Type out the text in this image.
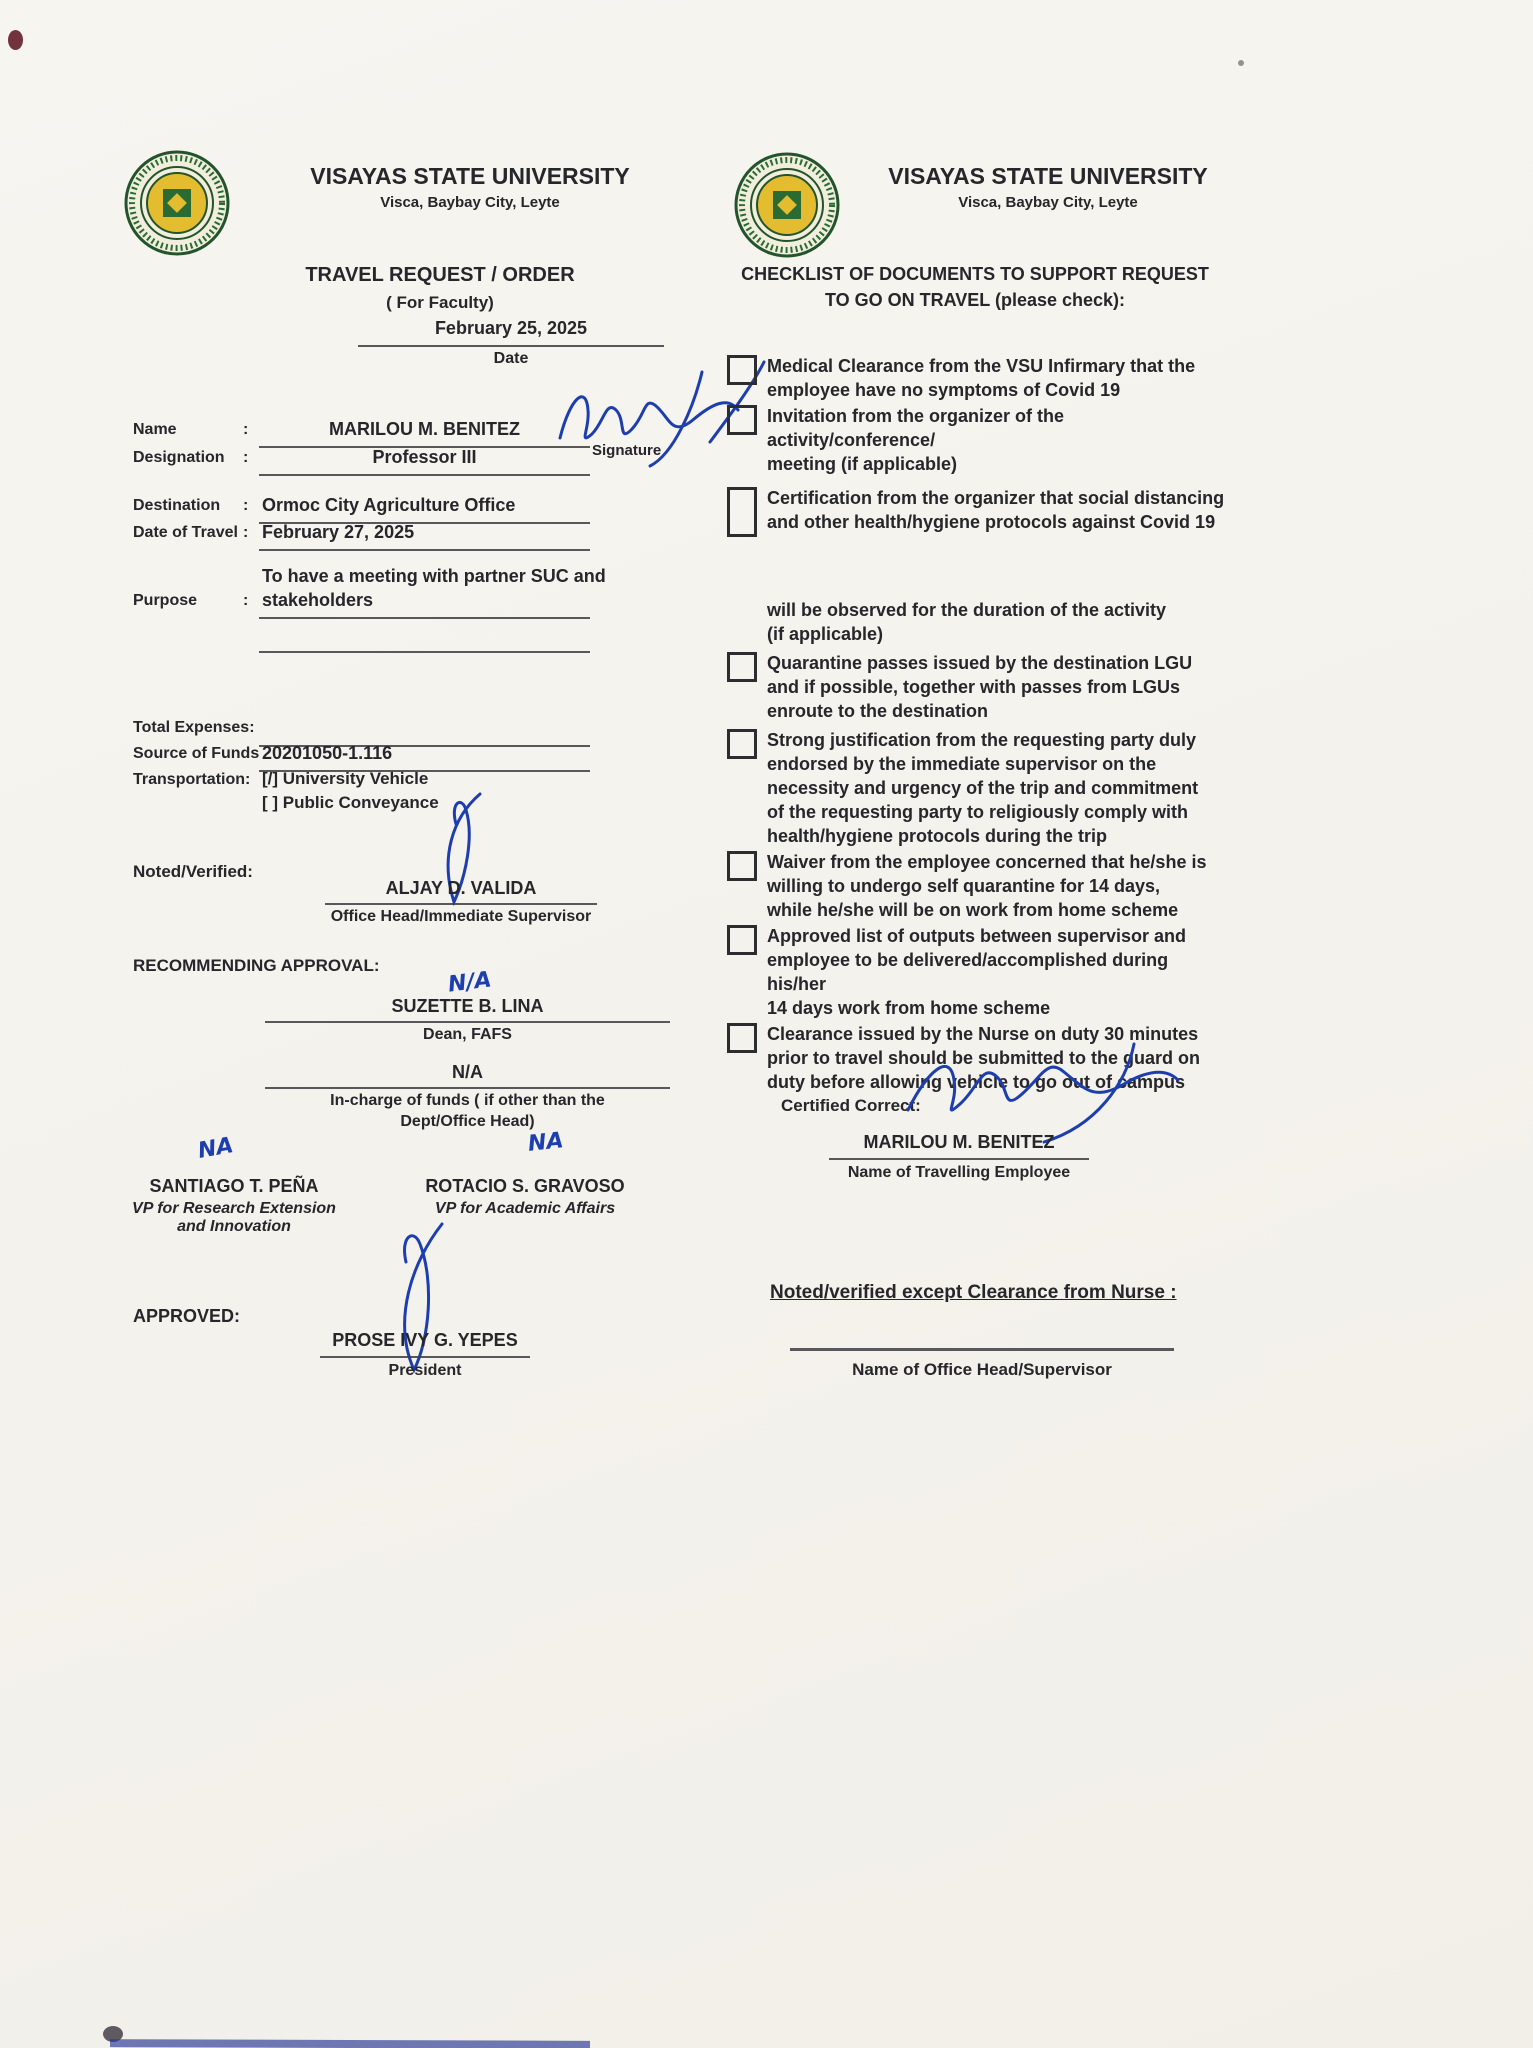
VISAYAS STATE UNIVERSITY
Visca, Baybay City, Leyte
TRAVEL REQUEST / ORDER
( For Faculty)
February 25, 2025
Date
Name	:	MARILOU M. BENITEZ
Designation :	Professor III	Signature
Destination : Ormoc City Agriculture Office
Date of Travel : February 27, 2025
To have a meeting with partner SUC and
Purpose	: stakeholders
Total Expenses:
Source of Funds 20201050-1.116
Transportation: [/] University Vehicle
[ ] Public Conveyance
Noted/Verified:
ALJAY D. VALIDA
Office Head/Immediate Supervisor
RECOMMENDING APPROVAL:
N/A
SUZETTE B. LINA
Dean, FAFS
N/A
In-charge of funds ( if other than the
Dept/Office Head)
NA	NA
SANTIAGO T. PEÑA
VP for Research Extension
and Innovation
ROTACIO S. GRAVOSO
VP for Academic Affairs
APPROVED:
PROSE IVY G. YEPES
President
VISAYAS STATE UNIVERSITY
Visca, Baybay City, Leyte
CHECKLIST OF DOCUMENTS TO SUPPORT REQUEST
TO GO ON TRAVEL (please check):
Medical Clearance from the VSU Infirmary that the
employee have no symptoms of Covid 19
Invitation from the organizer of the activity/conference/
meeting (if applicable)
Certification from the organizer that social distancing
and other health/hygiene protocols against Covid 19
will be observed for the duration of the activity
(if applicable)
Quarantine passes issued by the destination LGU
and if possible, together with passes from LGUs
enroute to the destination
Strong justification from the requesting party duly
endorsed by the immediate supervisor on the
necessity and urgency of the trip and commitment
of the requesting party to religiously comply with
health/hygiene protocols during the trip
Waiver from the employee concerned that he/she is
willing to undergo self quarantine for 14 days,
while he/she will be on work from home scheme
Approved list of outputs between supervisor and
employee to be delivered/accomplished during his/her
14 days work from home scheme
Clearance issued by the Nurse on duty 30 minutes
prior to travel should be submitted to the guard on
duty before allowing vehicle to go out of campus
Certified Correct:
MARILOU M. BENITEZ
Name of Travelling Employee
Noted/verified except Clearance from Nurse :
Name of Office Head/Supervisor
